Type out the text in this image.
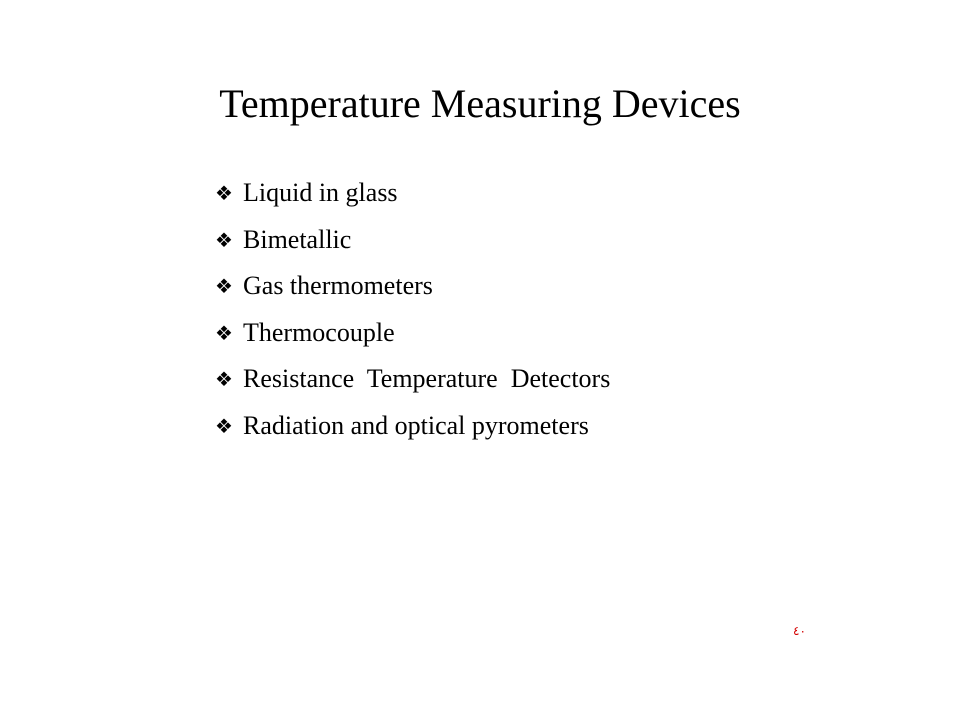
Temperature Measuring Devices
❖ Liquid in glass
❖ Bimetallic
❖ Gas thermometers
❖ Thermocouple
❖ Resistance  Temperature  Detectors
❖ Radiation and optical pyrometers
٤٠
